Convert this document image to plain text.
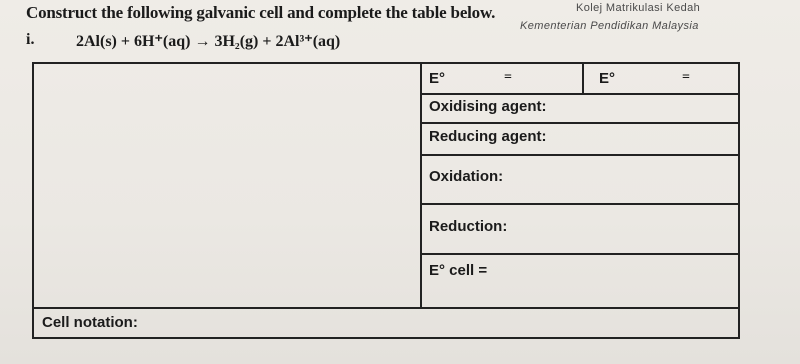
Construct the following galvanic cell and complete the table below.
i.	2Al(s) + 6H⁺(aq) → 3H₂(g) + 2Al³⁺(aq)
Kolej Matrikulasi Kedah
Kementerian Pendidikan Malaysia
E°	=	E°	=
Oxidising agent:
Reducing agent:
Oxidation:
Reduction:
E° cell =
Cell notation:
